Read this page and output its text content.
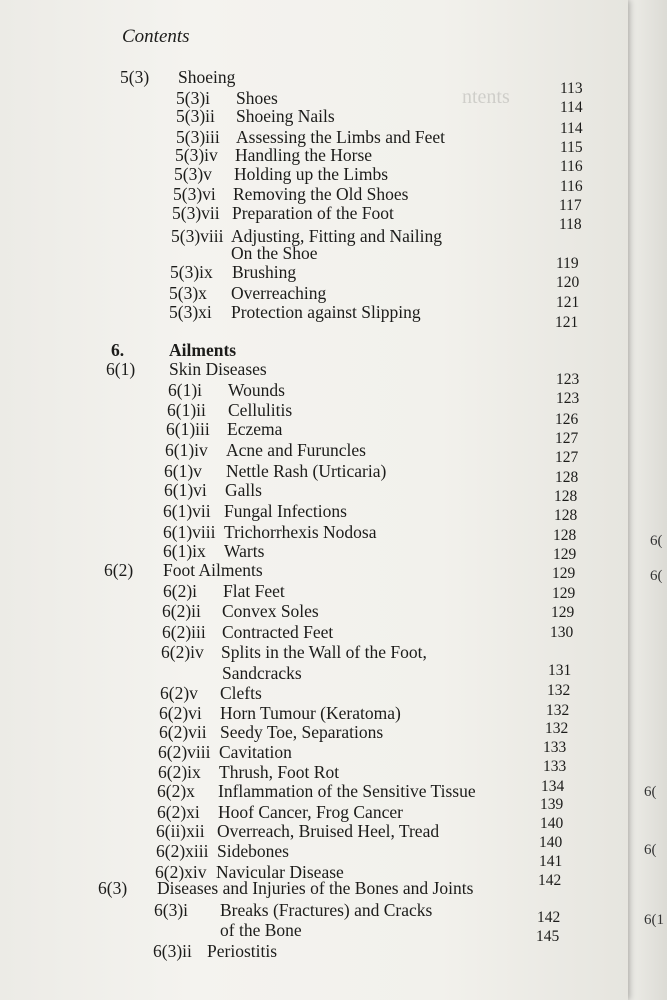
ntents
Contents
5(3) Shoeing
5(3)i Shoes
5(3)ii Shoeing Nails
5(3)iii Assessing the Limbs and Feet
5(3)iv Handling the Horse
5(3)v Holding up the Limbs
5(3)vi Removing the Old Shoes
5(3)vii Preparation of the Foot
5(3)viii Adjusting, Fitting and Nailing
On the Shoe
5(3)ix Brushing
5(3)x Overreaching
5(3)xi Protection against Slipping
6.	Ailments
6(1) Skin Diseases
6(1)i Wounds
6(1)ii Cellulitis
6(1)iii Eczema
6(1)iv Acne and Furuncles
6(1)v Nettle Rash (Urticaria)
6(1)vi Galls
6(1)vii Fungal Infections
6(1)viii Trichorrhexis Nodosa
6(1)ix Warts
6(2) Foot Ailments
6(2)i Flat Feet
6(2)ii Convex Soles
6(2)iii Contracted Feet
6(2)iv Splits in the Wall of the Foot,
Sandcracks
6(2)v Clefts
6(2)vi Horn Tumour (Keratoma)
6(2)vii Seedy Toe, Separations
6(2)viii Cavitation
6(2)ix Thrush, Foot Rot
6(2)x Inflammation of the Sensitive Tissue
6(2)xi Hoof Cancer, Frog Cancer
6(ii)xii Overreach, Bruised Heel, Tread
6(2)xiii Sidebones
6(2)xiv Navicular Disease
6(3) Diseases and Injuries of the Bones and Joints
6(3)i Breaks (Fractures) and Cracks
of the Bone
6(3)ii Periostitis
113
114
114
115
116
116
117
118
119
120
121
121
123
123
126
127
127
128
128
128
128
129
129
129
129
130
131
132
132
132
133
133
134
139
140
140
141
142
142
145
6(
6(
6(
6(
6(1
